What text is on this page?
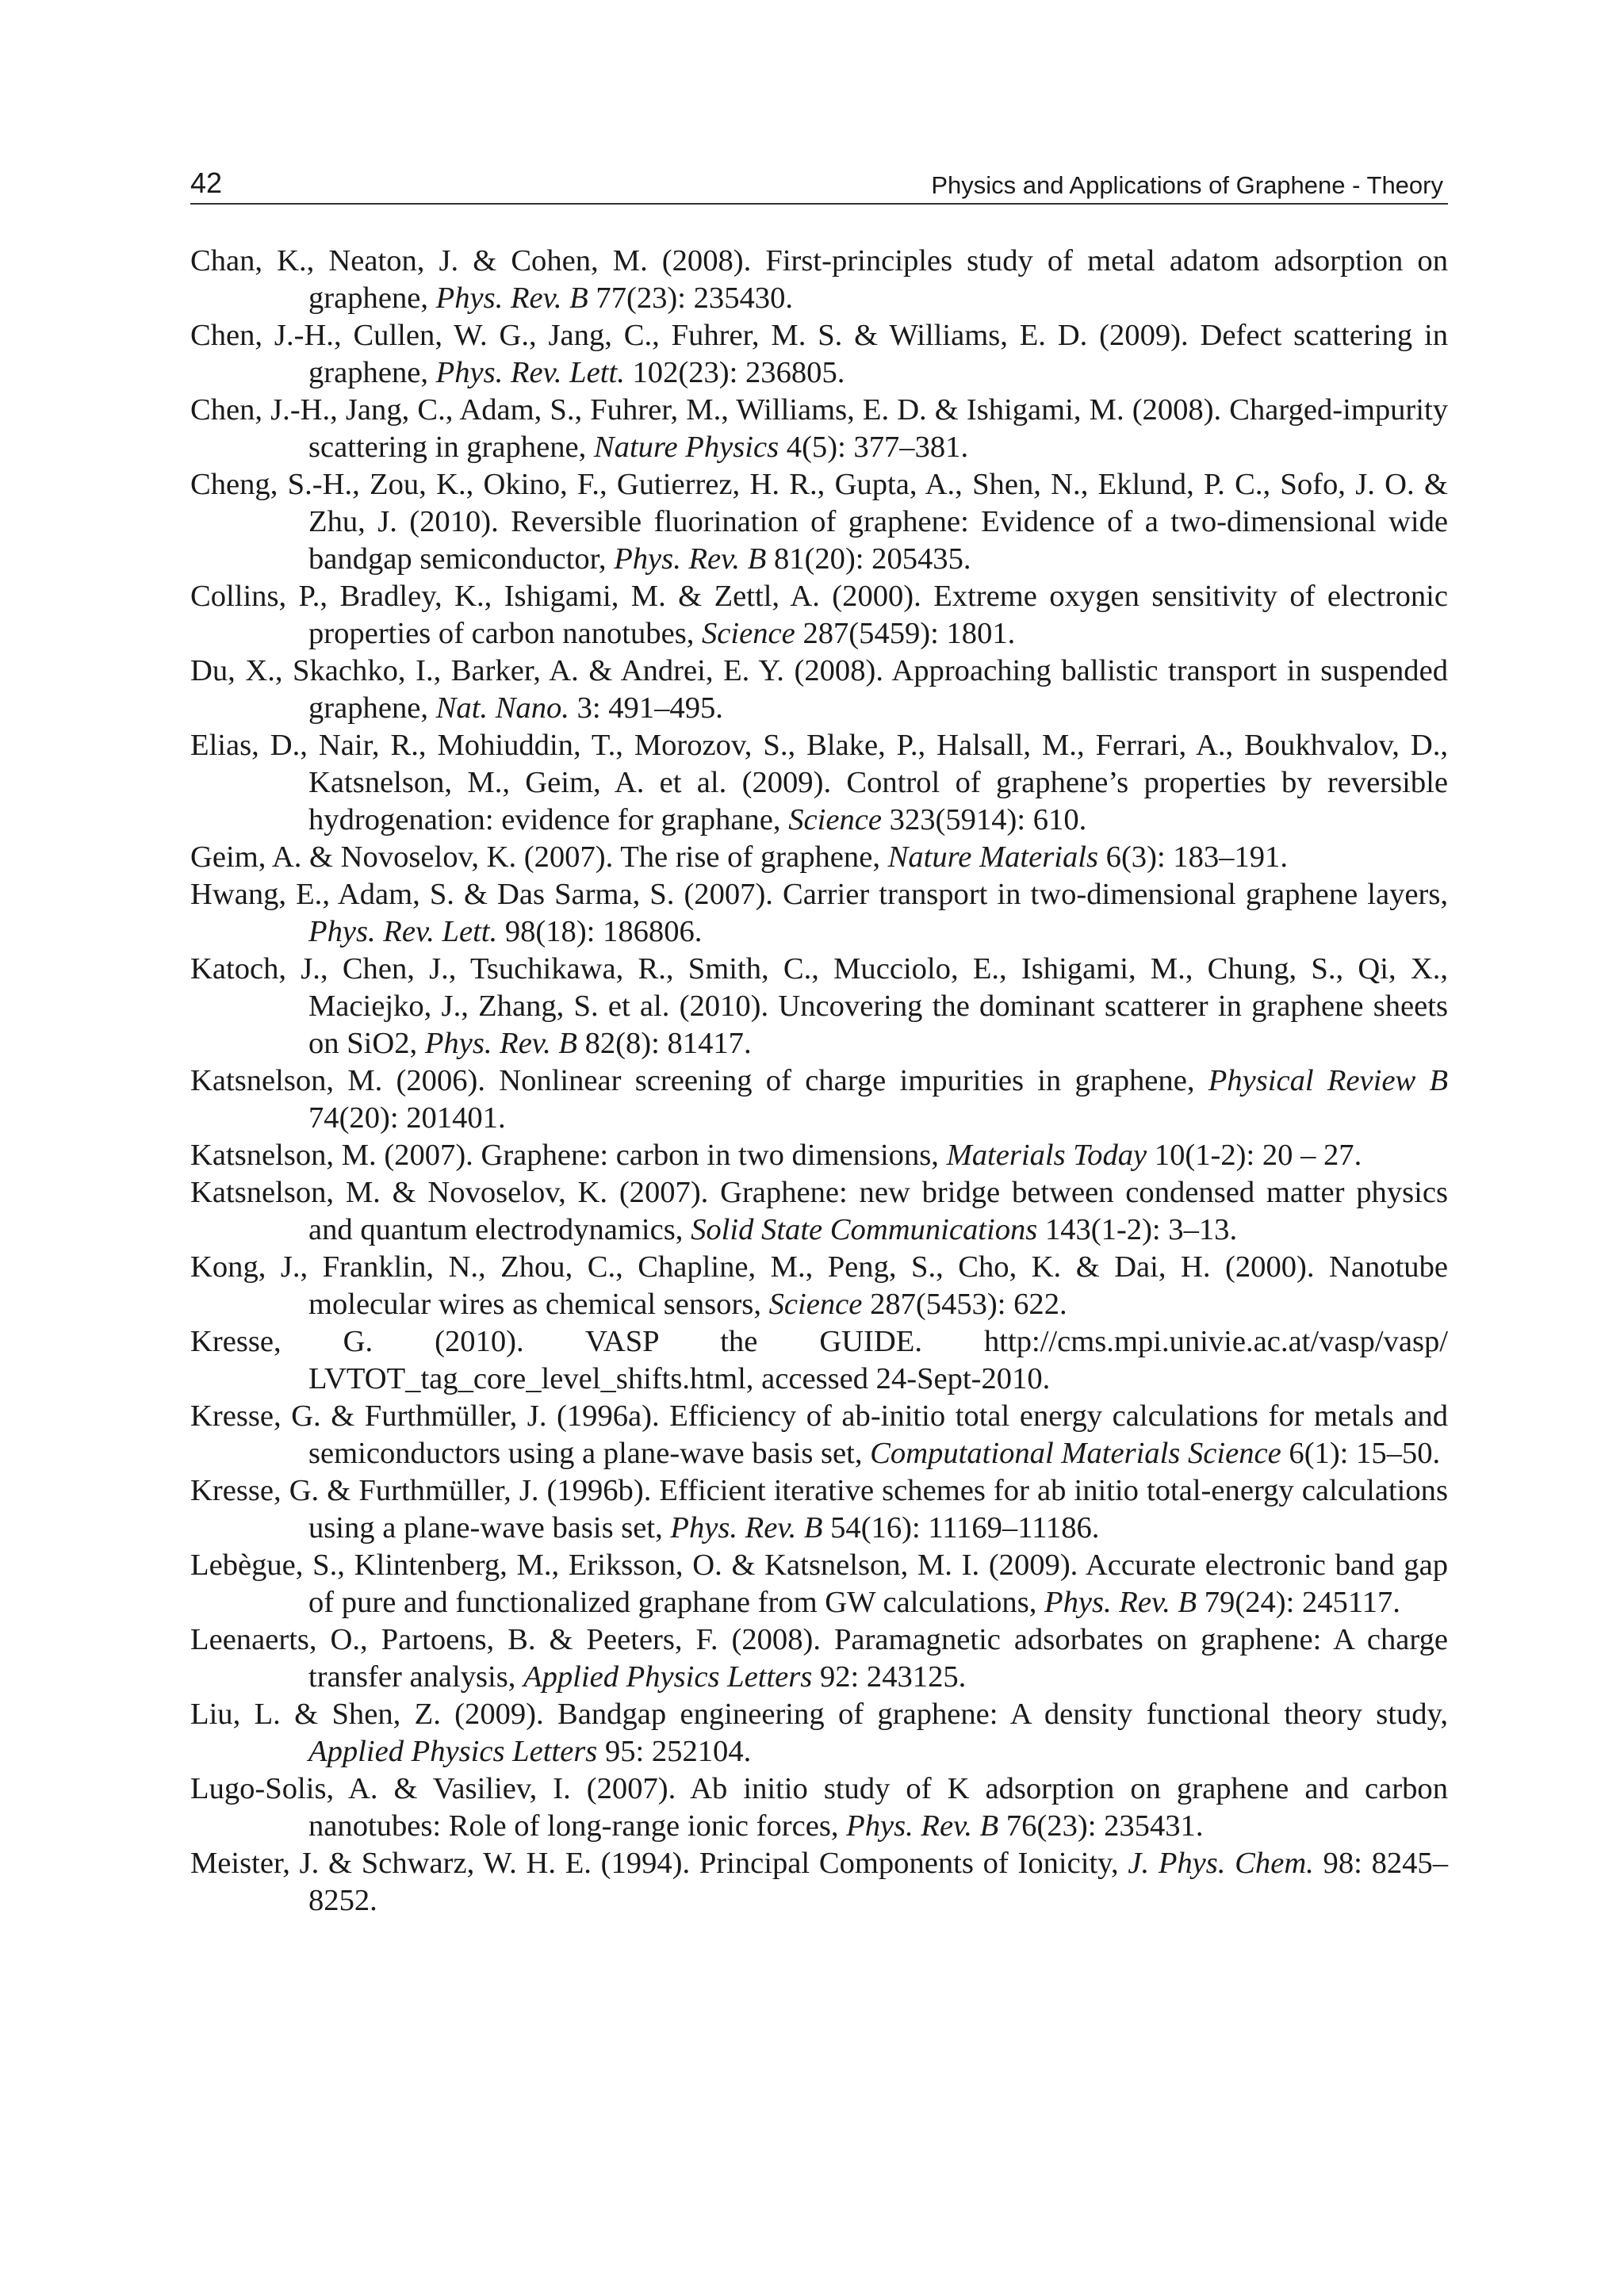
42	Physics and Applications of Graphene - Theory

Chan, K., Neaton, J. & Cohen, M. (2008). First-principles study of metal adatom adsorption on graphene, Phys. Rev. B 77(23): 235430.

Chen, J.-H., Cullen, W. G., Jang, C., Fuhrer, M. S. & Williams, E. D. (2009). Defect scattering in graphene, Phys. Rev. Lett. 102(23): 236805.

Chen, J.-H., Jang, C., Adam, S., Fuhrer, M., Williams, E. D. & Ishigami, M. (2008). Charged-impurity scattering in graphene, Nature Physics 4(5): 377–381.

Cheng, S.-H., Zou, K., Okino, F., Gutierrez, H. R., Gupta, A., Shen, N., Eklund, P. C., Sofo, J. O. & Zhu, J. (2010). Reversible fluorination of graphene: Evidence of a two-dimensional wide bandgap semiconductor, Phys. Rev. B 81(20): 205435.

Collins, P., Bradley, K., Ishigami, M. & Zettl, A. (2000). Extreme oxygen sensitivity of electronic properties of carbon nanotubes, Science 287(5459): 1801.

Du, X., Skachko, I., Barker, A. & Andrei, E. Y. (2008). Approaching ballistic transport in suspended graphene, Nat. Nano. 3: 491–495.

Elias, D., Nair, R., Mohiuddin, T., Morozov, S., Blake, P., Halsall, M., Ferrari, A., Boukhvalov, D., Katsnelson, M., Geim, A. et al. (2009). Control of graphene’s properties by reversible hydrogenation: evidence for graphane, Science 323(5914): 610.

Geim, A. & Novoselov, K. (2007). The rise of graphene, Nature Materials 6(3): 183–191.

Hwang, E., Adam, S. & Das Sarma, S. (2007). Carrier transport in two-dimensional graphene layers, Phys. Rev. Lett. 98(18): 186806.

Katoch, J., Chen, J., Tsuchikawa, R., Smith, C., Mucciolo, E., Ishigami, M., Chung, S., Qi, X., Maciejko, J., Zhang, S. et al. (2010). Uncovering the dominant scatterer in graphene sheets on SiO2, Phys. Rev. B 82(8): 81417.

Katsnelson, M. (2006). Nonlinear screening of charge impurities in graphene, Physical Review B 74(20): 201401.

Katsnelson, M. (2007). Graphene: carbon in two dimensions, Materials Today 10(1-2): 20 – 27.

Katsnelson, M. & Novoselov, K. (2007). Graphene: new bridge between condensed matter physics and quantum electrodynamics, Solid State Communications 143(1-2): 3–13.

Kong, J., Franklin, N., Zhou, C., Chapline, M., Peng, S., Cho, K. & Dai, H. (2000). Nanotube molecular wires as chemical sensors, Science 287(5453): 622.

Kresse, G. (2010). VASP the GUIDE. http://cms.mpi.univie.ac.at/vasp/vasp/ LVTOT_tag_core_level_shifts.html, accessed 24-Sept-2010.

Kresse, G. & Furthmüller, J. (1996a). Efficiency of ab-initio total energy calculations for metals and semiconductors using a plane-wave basis set, Computational Materials Science 6(1): 15–50.

Kresse, G. & Furthmüller, J. (1996b). Efficient iterative schemes for ab initio total-energy calculations using a plane-wave basis set, Phys. Rev. B 54(16): 11169–11186.

Lebègue, S., Klintenberg, M., Eriksson, O. & Katsnelson, M. I. (2009). Accurate electronic band gap of pure and functionalized graphane from GW calculations, Phys. Rev. B 79(24): 245117.

Leenaerts, O., Partoens, B. & Peeters, F. (2008). Paramagnetic adsorbates on graphene: A charge transfer analysis, Applied Physics Letters 92: 243125.

Liu, L. & Shen, Z. (2009). Bandgap engineering of graphene: A density functional theory study, Applied Physics Letters 95: 252104.

Lugo-Solis, A. & Vasiliev, I. (2007). Ab initio study of K adsorption on graphene and carbon nanotubes: Role of long-range ionic forces, Phys. Rev. B 76(23): 235431.

Meister, J. & Schwarz, W. H. E. (1994). Principal Components of Ionicity, J. Phys. Chem. 98: 8245–8252.
